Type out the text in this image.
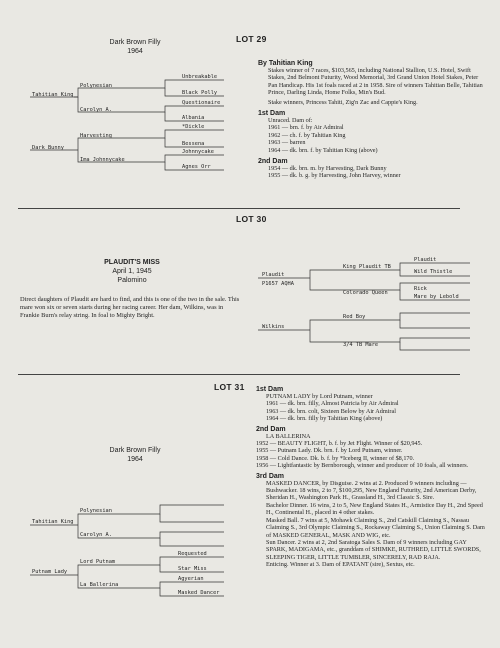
Dark Brown Filly
1964
LOT 29
Tahitian King
Polynesian
Carolyn A.
Unbreakable
Black Polly
Questionaire
Albania
Dark Bunny
Harvesting
Ima Johnnycake
*Dickle
Bessena
Johnnycake
Agnes Orr
By Tahitian King
Stakes winner of 7 races, $103,565, including National Stallion, U.S. Hotel, Swift Stakes, 2nd Belmont Futurity, Wood Memorial, 3rd Grand Union Hotel Stakes, Peter Pan Handicap. His 1st foals raced at 2 in 1958. Sire of winners Tahitian Belle, Tahitian Prince, Darling Linda, Home Folks, Min's Bud.
Stake winners, Princess Tahiti, Zig'n Zac and Cappie's King.
1st Dam
Unraced. Dam of:
1961 — brn. f. by Air Admiral
1962 — ch. f. by Tahitian King
1963 — barren
1964 — dk. brn. f. by Tahitian King (above)
2nd Dam
1954 — dk. brn. m. by Harvesting, Dark Bunny
1955 — dk. b. g. by Harvesting, John Harvey, winner
LOT 30
PLAUDIT'S MISS
April 1, 1945
Palomino
Direct daughters of Plaudit are hard to find, and this is one of the two in the sale. This mare won six or seven starts during her racing career. Her dam, Wilkins, was in Frankie Burn's relay string. In foal to Mighty Bright.
Plaudit
P1657 AQHA
King Plaudit TB
Colorado Queen
Plaudit
Wild Thistle
Rick
Mare by Lebold
Wilkins
Red Boy
3/4 TB Mare
LOT 31
Dark Brown Filly
1964
Tahitian King
Polynesian
Carolyn A.
Putnam Lady
Lord Putnam
La Ballerina
Requested
Star Miss
Agyerian
Masked Dancer
1st Dam
PUTNAM LADY by Lord Putnam, winner
1961 — dk. brn. filly, Almost Patricia by Air Admiral
1963 — dk. brn. colt, Sixteen Below by Air Admiral
1964 — dk. brn. filly by Tahitian King (above)
2nd Dam
LA BALLERINA
1952 — BEAUTY FLIGHT, b. f. by Jet Flight. Winner of $20,945.
1955 — Putnam Lady. Dk. brn. f. by Lord Putnam, winner.
1958 — Cold Dance. Dk. b. f. by *Iceberg II, winner of $8,170.
1956 — Lightfantastic by Bernborough, winner and producer of 10 foals, all winners.
3rd Dam
MASKED DANCER, by Disguise. 2 wins at 2. Produced 9 winners including —
Bushwacker. 18 wins, 2 to 7, $100,295, New England Futurity, 2nd American Derby, Sheridan H., Washington Park H., Grassland H., 3rd Classic S. Sire.
Bachelor Dinner. 16 wins, 2 to 5, New England States H., Armistice Day H., 2nd Speed H., Continental H., placed in 4 other stakes.
Masked Ball. 7 wins at 5, Mohawk Claiming S., 2nd Catskill Claiming S., Nassau Claiming S., 3rd Olympic Claiming S., Rockaway Claiming S., Union Claiming S. Dam of MASKED GENERAL, MASK AND WIG, etc.
Sun Dancer. 2 wins at 2, 2nd Saratoga Sales S. Dam of 9 winners including GAY SPARK, MADIGAMA, etc., granddam of SHIMKE, RUTHRED, LITTLE SWORDS, SLEEPING TIGER, LITTLE TUMBLER, SINCERELY, RAD RAJA.
Enticing. Winner at 3. Dam of EPATANT (sire), Sextus, etc.
